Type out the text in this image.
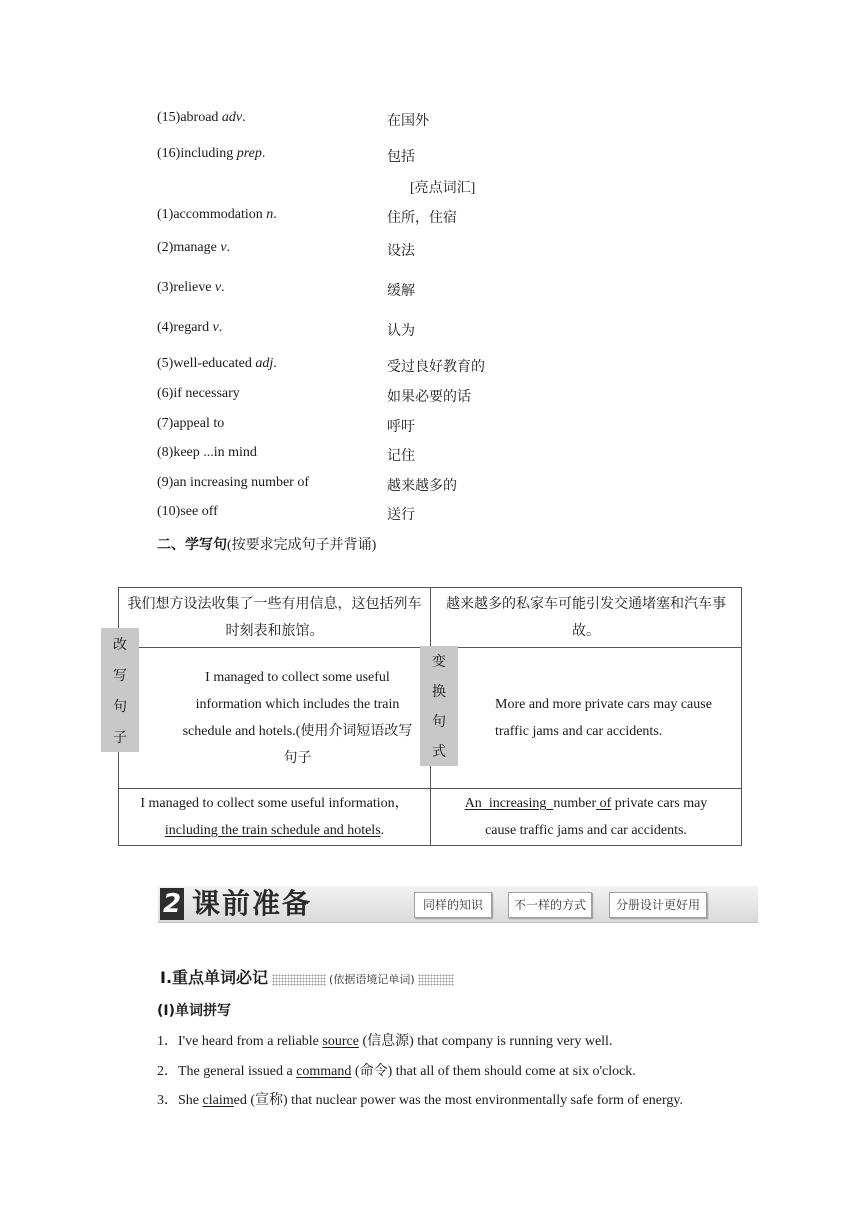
(15)abroad adv.	在国外
(16)including prep.	包括
[亮点词汇]
(1)accommodation n.	住所，住宿
(2)manage v.	设法
(3)relieve v.	缓解
(4)regard v.	认为
(5)well-educated adj.	受过良好教育的
(6)if necessary	如果必要的话
(7)appeal to	呼吁
(8)keep ...in mind	记住
(9)an increasing number of	越来越多的
(10)see off	送行
二、学写句(按要求完成句子并背诵)
我们想方设法收集了一些有用信息，这包括列车时刻表和旅馆。	越来越多的私家车可能引发交通堵塞和汽车事故。
I managed to collect some useful information which includes the train schedule and hotels.(使用介词短语改写
句子	More and more private cars may cause traffic jams and car accidents.
I managed to collect some useful information，
including the train schedule and hotels.	An increasing number of private cars may
cause traffic jams and car accidents.
改
写
句
子
变
换
句
式
2 课前准备	同样的知识	不一样的方式	分册设计更好用
Ⅰ.重点单词必记	(依据语境记单词)
(Ⅰ)单词拼写
1．I've heard from a reliable source (信息源) that company is running very well.
2．The general issued a command (命令) that all of them should come at six o'clock.
3．She claimed (宣称) that nuclear power was the most environmentally safe form of energy.
